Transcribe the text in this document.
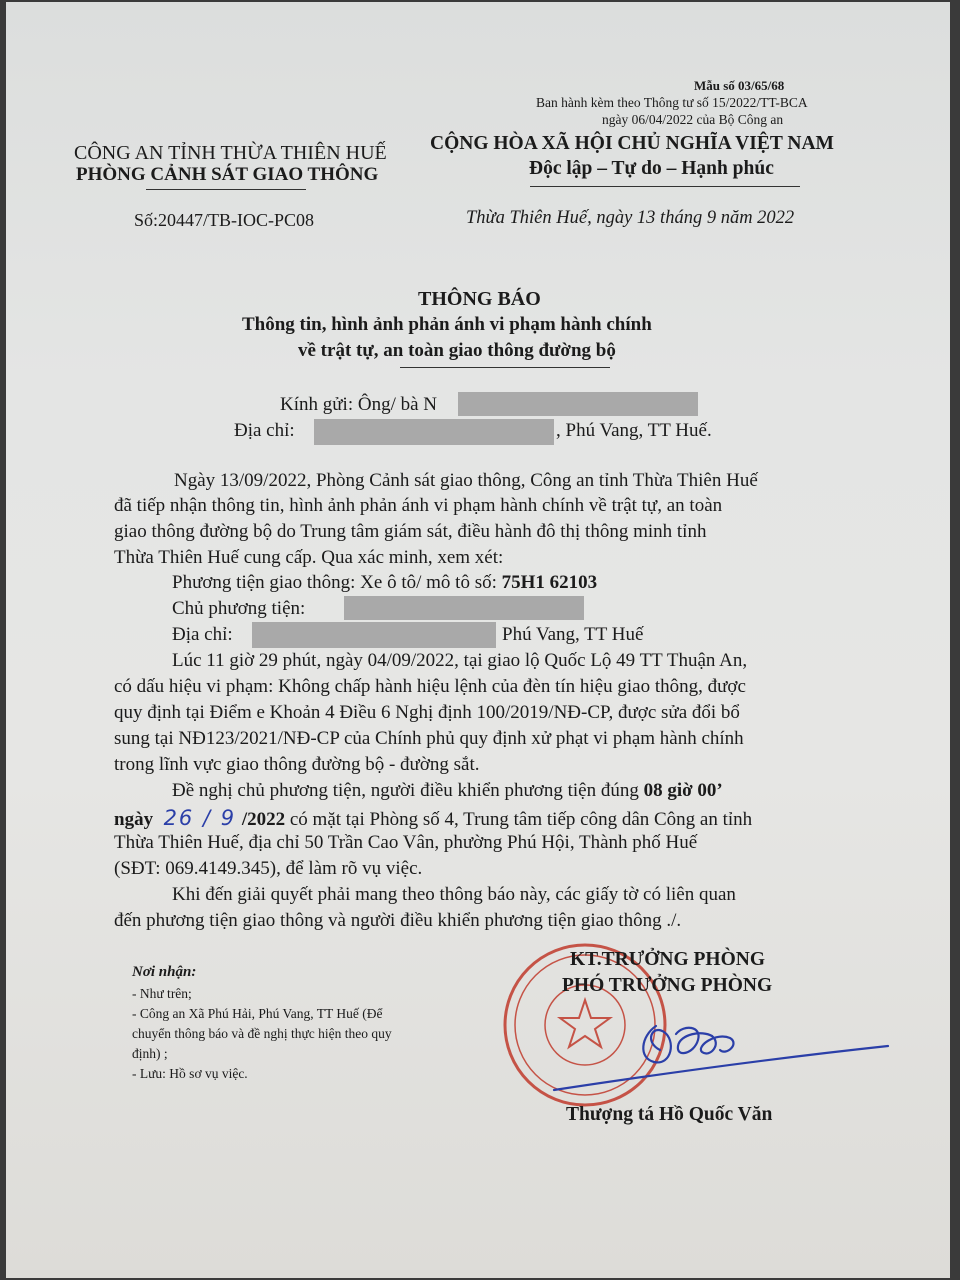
Mẫu số 03/65/68
Ban hành kèm theo Thông tư số 15/2022/TT-BCA
ngày 06/04/2022 của Bộ Công an
CÔNG AN TỈNH THỪA THIÊN HUẾ
PHÒNG CẢNH SÁT GIAO THÔNG
Số:20447/TB-IOC-PC08
CỘNG HÒA XÃ HỘI CHỦ NGHĨA VIỆT NAM
Độc lập – Tự do – Hạnh phúc
Thừa Thiên Huế, ngày 13 tháng 9 năm 2022
THÔNG BÁO
Thông tin, hình ảnh phản ánh vi phạm hành chính
về trật tự, an toàn giao thông đường bộ
Kính gửi: Ông/ bà N
Địa chỉ:	, Phú Vang, TT Huế.
Ngày 13/09/2022, Phòng Cảnh sát giao thông, Công an tỉnh Thừa Thiên Huế
đã tiếp nhận thông tin, hình ảnh phản ánh vi phạm hành chính về trật tự, an toàn
giao thông đường bộ do Trung tâm giám sát, điều hành đô thị thông minh tỉnh
Thừa Thiên Huế cung cấp. Qua xác minh, xem xét:
Phương tiện giao thông: Xe ô tô/ mô tô số: 75H1 62103
Chủ phương tiện:
Địa chỉ:	Phú Vang, TT Huế
Lúc 11 giờ 29 phút, ngày 04/09/2022, tại giao lộ Quốc Lộ 49 TT Thuận An,
có dấu hiệu vi phạm: Không chấp hành hiệu lệnh của đèn tín hiệu giao thông, được
quy định tại Điểm e Khoản 4 Điều 6 Nghị định 100/2019/NĐ-CP, được sửa đổi bổ
sung tại NĐ123/2021/NĐ-CP của Chính phủ quy định xử phạt vi phạm hành chính
trong lĩnh vực giao thông đường bộ - đường sắt.
Đề nghị chủ phương tiện, người điều khiển phương tiện đúng 08 giờ 00’
ngày 26 / 9 /2022 có mặt tại Phòng số 4, Trung tâm tiếp công dân Công an tỉnh
Thừa Thiên Huế, địa chỉ 50 Trần Cao Vân, phường Phú Hội, Thành phố Huế
(SĐT: 069.4149.345), để làm rõ vụ việc.
Khi đến giải quyết phải mang theo thông báo này, các giấy tờ có liên quan
đến phương tiện giao thông và người điều khiển phương tiện giao thông ./.
Nơi nhận:
- Như trên;
- Công an Xã Phú Hải, Phú Vang, TT Huế (Để
chuyển thông báo và đề nghị thực hiện theo quy
định) ;
- Lưu: Hồ sơ vụ việc.
KT.TRƯỞNG PHÒNG
PHÓ TRƯỞNG PHÒNG
Thượng tá Hồ Quốc Văn
